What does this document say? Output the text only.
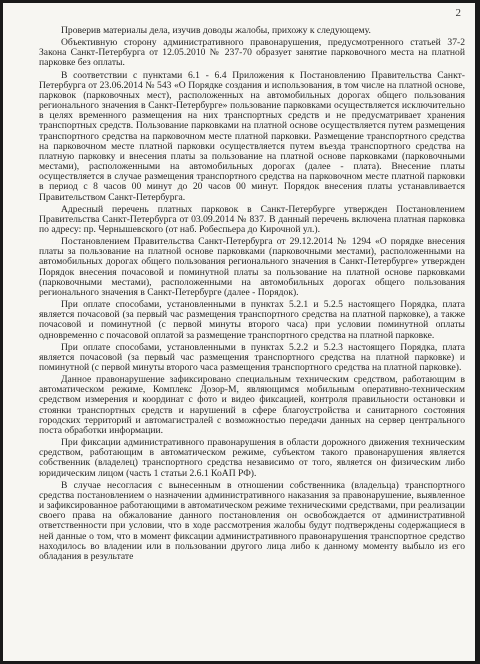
2

Проверив материалы дела, изучив доводы жалобы, прихожу к следующему.

Объективную сторону административного правонарушения, предусмотренного статьей 37-2 Закона Санкт-Петербурга от 12.05.2010 № 237-70 образует занятие парковочного места на платной парковке без оплаты.

В соответствии с пунктами 6.1 - 6.4 Приложения к Постановлению Правительства Санкт-Петербурга от 23.06.2014 № 543 «О Порядке создания и использования, в том числе на платной основе, парковок (парковочных мест), расположенных на автомобильных дорогах общего пользования регионального значения в Санкт-Петербурге» пользование парковками осуществляется исключительно в целях временного размещения на них транспортных средств и не предусматривает хранения транспортных средств. Пользование парковками на платной основе осуществляется путем размещения транспортного средства на парковочном месте платной парковки. Размещение транспортного средства на парковочном месте платной парковки осуществляется путем въезда транспортного средства на платную парковку и внесения платы за пользование на платной основе парковками (парковочными местами), расположенными на автомобильных дорогах (далее - плата). Внесение платы осуществляется в случае размещения транспортного средства на парковочном месте платной парковки в период с 8 часов 00 минут до 20 часов 00 минут. Порядок внесения платы устанавливается Правительством Санкт-Петербурга.

Адресный перечень платных парковок в Санкт-Петербурге утвержден Постановлением Правительства Санкт-Петербурга от 03.09.2014 № 837. В данный перечень включена платная парковка по адресу: пр. Чернышевского (от наб. Робеспьера до Кирочной ул.).

Постановлением Правительства Санкт-Петербурга от 29.12.2014 № 1294 «О порядке внесения платы за пользование на платной основе парковками (парковочными местами), расположенными на автомобильных дорогах общего пользования регионального значения в Санкт-Петербурге» утвержден Порядок внесения почасовой и поминутной платы за пользование на платной основе парковками (парковочными местами), расположенными на автомобильных дорогах общего пользования регионального значения в Санкт-Петербурге (далее - Порядок).

При оплате способами, установленными в пунктах 5.2.1 и 5.2.5 настоящего Порядка, плата является почасовой (за первый час размещения транспортного средства на платной парковке), а также почасовой и поминутной (с первой минуты второго часа) при условии поминутной оплаты одновременно с почасовой оплатой за размещение транспортного средства на платной парковке.

При оплате способами, установленными в пунктах 5.2.2 и 5.2.3 настоящего Порядка, плата является почасовой (за первый час размещения транспортного средства на платной парковке) и поминутной (с первой минуты второго часа размещения транспортного средства на платной парковке).

Данное правонарушение зафиксировано специальным техническим средством, работающим в автоматическом режиме, Комплекс Дозор-М, являющимся мобильным оперативно-техническим средством измерения и координат с фото и видео фиксацией, контроля правильности остановки и стоянки транспортных средств и нарушений в сфере благоустройства и санитарного состояния городских территорий и автомагистралей с возможностью передачи данных на сервер центрального поста обработки информации.

При фиксации административного правонарушения в области дорожного движения техническим средством, работающим в автоматическом режиме, субъектом такого правонарушения является собственник (владелец) транспортного средства независимо от того, является он физическим либо юридическим лицом (часть 1 статьи 2.6.1 КоАП РФ).

В случае несогласия с вынесенным в отношении собственника (владельца) транспортного средства постановлением о назначении административного наказания за правонарушение, выявленное и зафиксированное работающими в автоматическом режиме техническими средствами, при реализации своего права на обжалование данного постановления он освобождается от административной ответственности при условии, что в ходе рассмотрения жалобы будут подтверждены содержащиеся в ней данные о том, что в момент фиксации административного правонарушения транспортное средство находилось во владении или в пользовании другого лица либо к данному моменту выбыло из его обладания в результате
